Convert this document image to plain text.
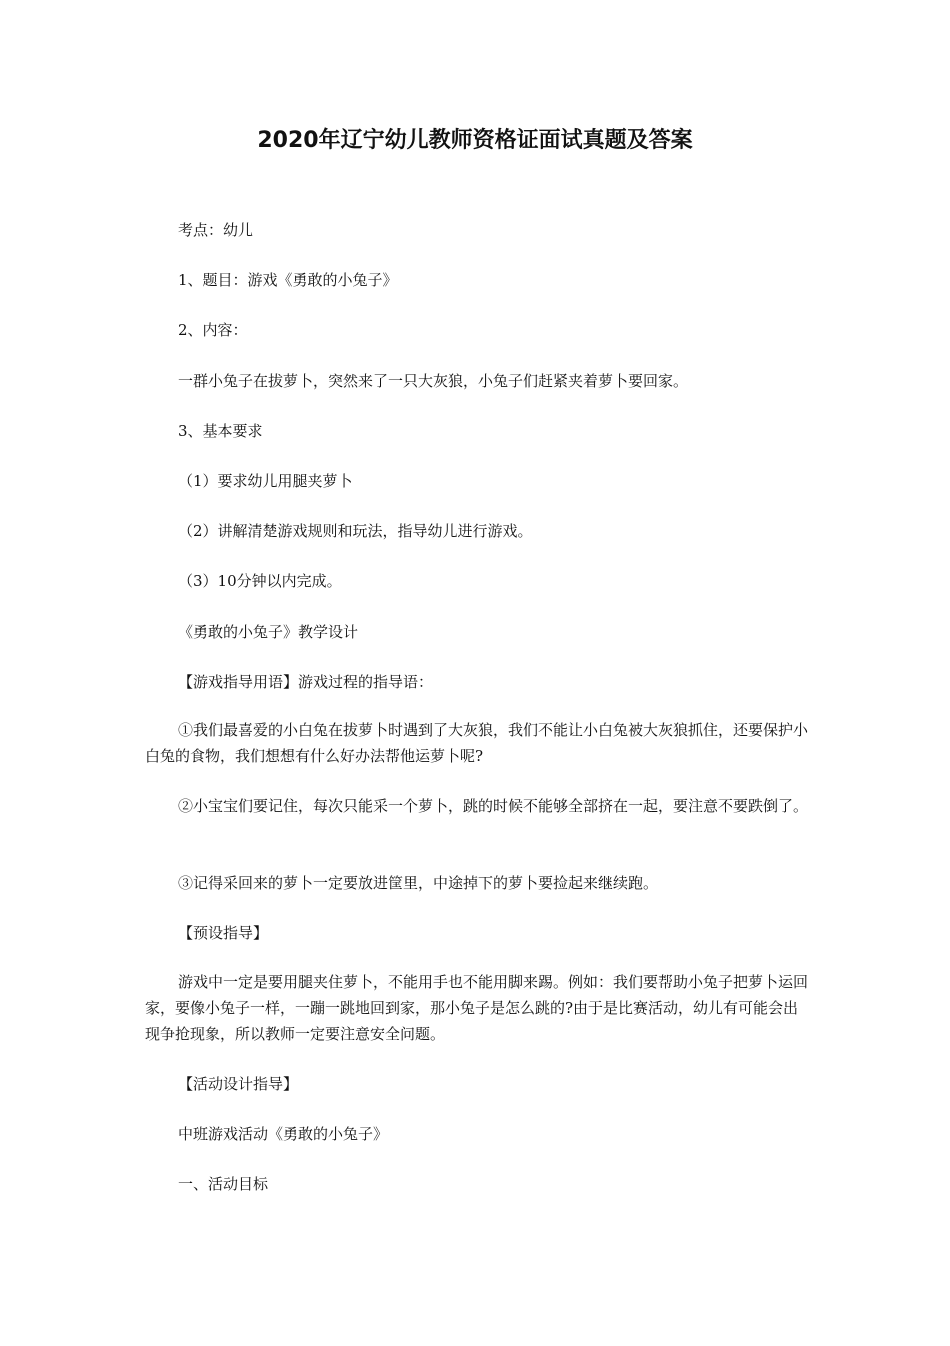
2020年辽宁幼儿教师资格证面试真题及答案

考点：幼儿

1、题目：游戏《勇敢的小兔子》

2、内容：

一群小兔子在拔萝卜，突然来了一只大灰狼，小兔子们赶紧夹着萝卜要回家。

3、基本要求

（1）要求幼儿用腿夹萝卜

（2）讲解清楚游戏规则和玩法，指导幼儿进行游戏。

（3）10分钟以内完成。

《勇敢的小兔子》教学设计

【游戏指导用语】游戏过程的指导语：

①我们最喜爱的小白兔在拔萝卜时遇到了大灰狼，我们不能让小白兔被大灰狼抓住，还要保护小白兔的食物，我们想想有什么好办法帮他运萝卜呢?

②小宝宝们要记住，每次只能采一个萝卜，跳的时候不能够全部挤在一起，要注意不要跌倒了。

③记得采回来的萝卜一定要放进筐里，中途掉下的萝卜要捡起来继续跑。

【预设指导】

游戏中一定是要用腿夹住萝卜，不能用手也不能用脚来踢。例如：我们要帮助小兔子把萝卜运回家，要像小兔子一样，一蹦一跳地回到家，那小兔子是怎么跳的?由于是比赛活动，幼儿有可能会出现争抢现象，所以教师一定要注意安全问题。

【活动设计指导】

中班游戏活动《勇敢的小兔子》

一、活动目标
